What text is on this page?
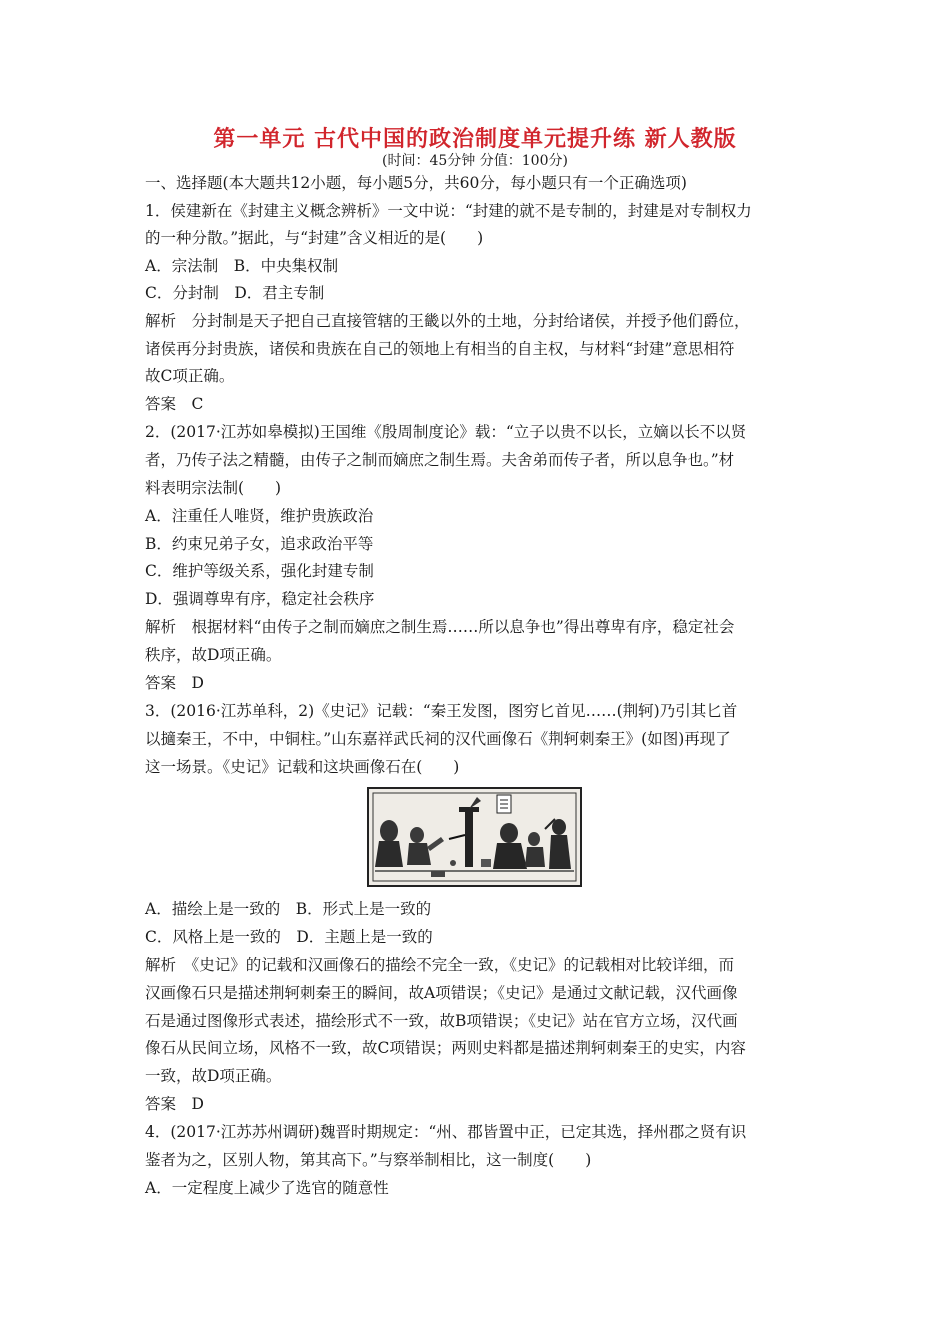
第一单元 古代中国的政治制度单元提升练 新人教版
(时间：45分钟 分值：100分)
一、选择题(本大题共12小题，每小题5分，共60分，每小题只有一个正确选项)
1．侯建新在《封建主义概念辨析》一文中说：“封建的就不是专制的，封建是对专制权力
的一种分散。”据此，与“封建”含义相近的是(　　)
A．宗法制　B．中央集权制
C．分封制　D．君主专制
解析　分封制是天子把自己直接管辖的王畿以外的土地，分封给诸侯，并授予他们爵位，
诸侯再分封贵族，诸侯和贵族在自己的领地上有相当的自主权，与材料“封建”意思相符
故C项正确。
答案　C
2．(2017·江苏如皋模拟)王国维《殷周制度论》载：“立子以贵不以长，立嫡以长不以贤
者，乃传子法之精髓，由传子之制而嫡庶之制生焉。夫舍弟而传子者，所以息争也。”材
料表明宗法制(　　)
A．注重任人唯贤，维护贵族政治
B．约束兄弟子女，追求政治平等
C．维护等级关系，强化封建专制
D．强调尊卑有序，稳定社会秩序
解析　根据材料“由传子之制而嫡庶之制生焉……所以息争也”得出尊卑有序，稳定社会
秩序，故D项正确。
答案　D
3．(2016·江苏单科，2)《史记》记载：“秦王发图，图穷匕首见……(荆轲)乃引其匕首
以擿秦王，不中，中铜柱。”山东嘉祥武氏祠的汉代画像石《荆轲刺秦王》(如图)再现了
这一场景。《史记》记载和这块画像石在(　　)
A．描绘上是一致的　B．形式上是一致的
C．风格上是一致的　D．主题上是一致的
解析　《史记》的记载和汉画像石的描绘不完全一致，《史记》的记载相对比较详细，而
汉画像石只是描述荆轲刺秦王的瞬间，故A项错误；《史记》是通过文献记载，汉代画像
石是通过图像形式表述，描绘形式不一致，故B项错误；《史记》站在官方立场，汉代画
像石从民间立场，风格不一致，故C项错误；两则史料都是描述荆轲刺秦王的史实，内容
一致，故D项正确。
答案　D
4．(2017·江苏苏州调研)魏晋时期规定：“州、郡皆置中正，已定其选，择州郡之贤有识
鉴者为之，区别人物，第其高下。”与察举制相比，这一制度(　　)
A．一定程度上减少了选官的随意性
